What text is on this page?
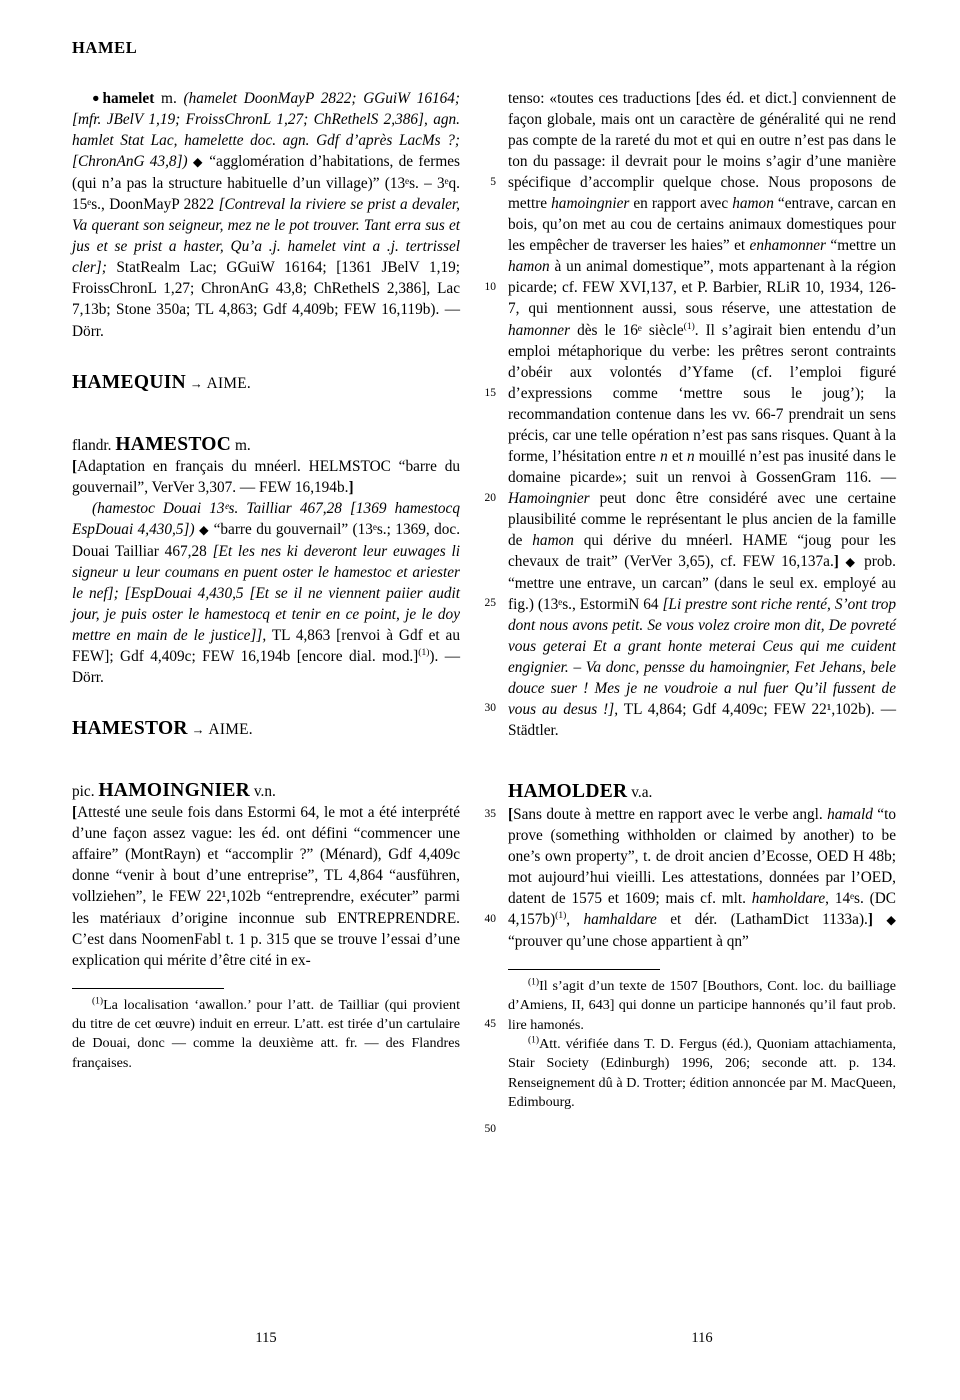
HAMEL
5
10
15
20
25
30
35
40
45
50

●hamelet m. (hamelet DoonMayP 2822; GGuiW 16164; [mfr. JBelV 1,19; FroissChronL 1,27; ChRethelS 2,386], agn. hamlet Stat Lac, hamelette doc. agn. Gdf d’après LacMs ?; [ChronAnG 43,8]) ◆ “agglomération d’habitations, de fermes (qui n’a pas la structure habituelle d’un village)” (13ᵉs. – 3ᵉq. 15ᵉs., DoonMayP 2822 [Contreval la riviere se prist a devaler, Va querant son seigneur, mez ne le pot trouver. Tant erra sus et jus et se prist a haster, Qu’a .j. hamelet vint a .j. tertrissel cler]; StatRealm Lac; GGuiW 16164; [1361 JBelV 1,19; FroissChronL 1,27; ChronAnG 43,8; ChRethelS 2,386], Lac 7,13b; Stone 350a; TL 4,863; Gdf 4,409b; FEW 16,119b). — Dörr.

HAMEQUIN → AIME.

flandr. HAMESTOC m.

[Adaptation en français du mnéerl. HELMSTOC “barre du gouvernail”, VerVer 3,307. — FEW 16,194b.]

(hamestoc Douai 13ᵉs. Tailliar 467,28 [1369 hamestocq EspDouai 4,430,5]) ◆ “barre du gouvernail” (13ᵉs.; 1369, doc. Douai Tailliar 467,28 [Et les nes ki deveront leur euwages li signeur u leur coumans en puent oster le hamestoc et ariester le nef]; [EspDouai 4,430,5 [Et se il ne viennent paiier audit jour, je puis oster le hamestocq et tenir en ce point, je le doy mettre en main de le justice]], TL 4,863 [renvoi à Gdf et au FEW]; Gdf 4,409c; FEW 16,194b [encore dial. mod.]$^{(1)}$). — Dörr.

HAMESTOR → AIME.

pic. HAMOINGNIER v.n.

[Attesté une seule fois dans Estormi 64, le mot a été interprété d’une façon assez vague: les éd. ont défini “commencer une affaire” (MontRayn) et “accomplir ?” (Ménard), Gdf 4,409c donne “venir à bout d’une entreprise”, TL 4,864 “ausführen, vollziehen”, le FEW 22¹,102b “entreprendre, exécuter” parmi les matériaux d’origine inconnue sub ENTREPRENDRE. C’est dans NoomenFabl t. 1 p. 315 que se trouve l’essai d’une explication qui mérite d’être cité in ex-

$^{(1)}$La localisation ‘awallon.’ pour l’att. de Tailliar (qui provient du titre de cet œuvre) induit en erreur. L’att. est tirée d’un cartulaire de Douai, donc — comme la deuxième att. fr. — des Flandres françaises.

tenso: «toutes ces traductions [des éd. et dict.] conviennent de façon globale, mais ont un caractère de généralité qui ne rend pas compte de la rareté du mot et qui en outre n’est pas dans le ton du passage: il devrait pour le moins s’agir d’une manière spécifique d’accomplir quelque chose. Nous proposons de mettre hamoingnier en rapport avec hamon “entrave, carcan en bois, qu’on met au cou de certains animaux domestiques pour les empêcher de traverser les haies” et enhamonner “mettre un hamon à un animal domestique”, mots appartenant à la région picarde; cf. FEW XVI,137, et P. Barbier, RLiR 10, 1934, 126-7, qui mentionnent aussi, sous réserve, une attestation de hamonner dès le 16ᵉ siècle$^{(1)}$. Il s’agirait bien entendu d’un emploi métaphorique du verbe: les prêtres seront contraints d’obéir aux volontés d’Yfame (cf. l’emploi figuré d’expressions comme ‘mettre sous le joug’); la recommandation contenue dans les vv. 66-7 prendrait un sens précis, car une telle opération n’est pas sans risques. Quant à la forme, l’hésitation entre n et n mouillé n’est pas inusité dans le domaine picarde»; suit un renvoi à GossenGram 116. — Hamoingnier peut donc être considéré avec une certaine plausibilité comme le représentant le plus ancien de la famille de hamon qui dérive du mnéerl. HAME “joug pour les chevaux de trait” (VerVer 3,65), cf. FEW 16,137a.] ◆ prob. “mettre une entrave, un carcan” (dans le seul ex. employé au fig.) (13ᵉs., EstormiN 64 [Li prestre sont riche renté, S’ont trop dont nous avons petit. Se vous volez croire mon dit, De povreté vous geterai Et a grant honte meterai Ceus qui me cuident engignier. – Va donc, pensse du hamoingnier, Fet Jehans, bele douce suer ! Mes je ne voudroie a nul fuer Qu’il fussent de vous au desus !], TL 4,864; Gdf 4,409c; FEW 22¹,102b). — Städtler.

HAMOLDER v.a.

[Sans doute à mettre en rapport avec le verbe angl. hamald “to prove (something withholden or claimed by another) to be one’s own property”, t. de droit ancien d’Ecosse, OED H 48b; mot aujourd’hui vieilli. Les attestations, données par l’OED, datent de 1575 et 1609; mais cf. mlt. hamholdare, 14ᵉs. (DC 4,157b)$^{(1)}$, hamhaldare et dér. (LathamDict 1133a).] ◆ “prouver qu’une chose appartient à qn”

$^{(1)}$Il s’agit d’un texte de 1507 [Bouthors, Cont. loc. du bailliage d’Amiens, II, 643] qui donne un participe hannonés qu’il faut prob. lire hamonés.

$^{(1)}$Att. vérifiée dans T. D. Fergus (éd.), Quoniam attachiamenta, Stair Society (Edinburgh) 1996, 206; seconde att. p. 134. Renseignement dû à D. Trotter; édition annoncée par M. MacQueen, Edimbourg.

115	116
